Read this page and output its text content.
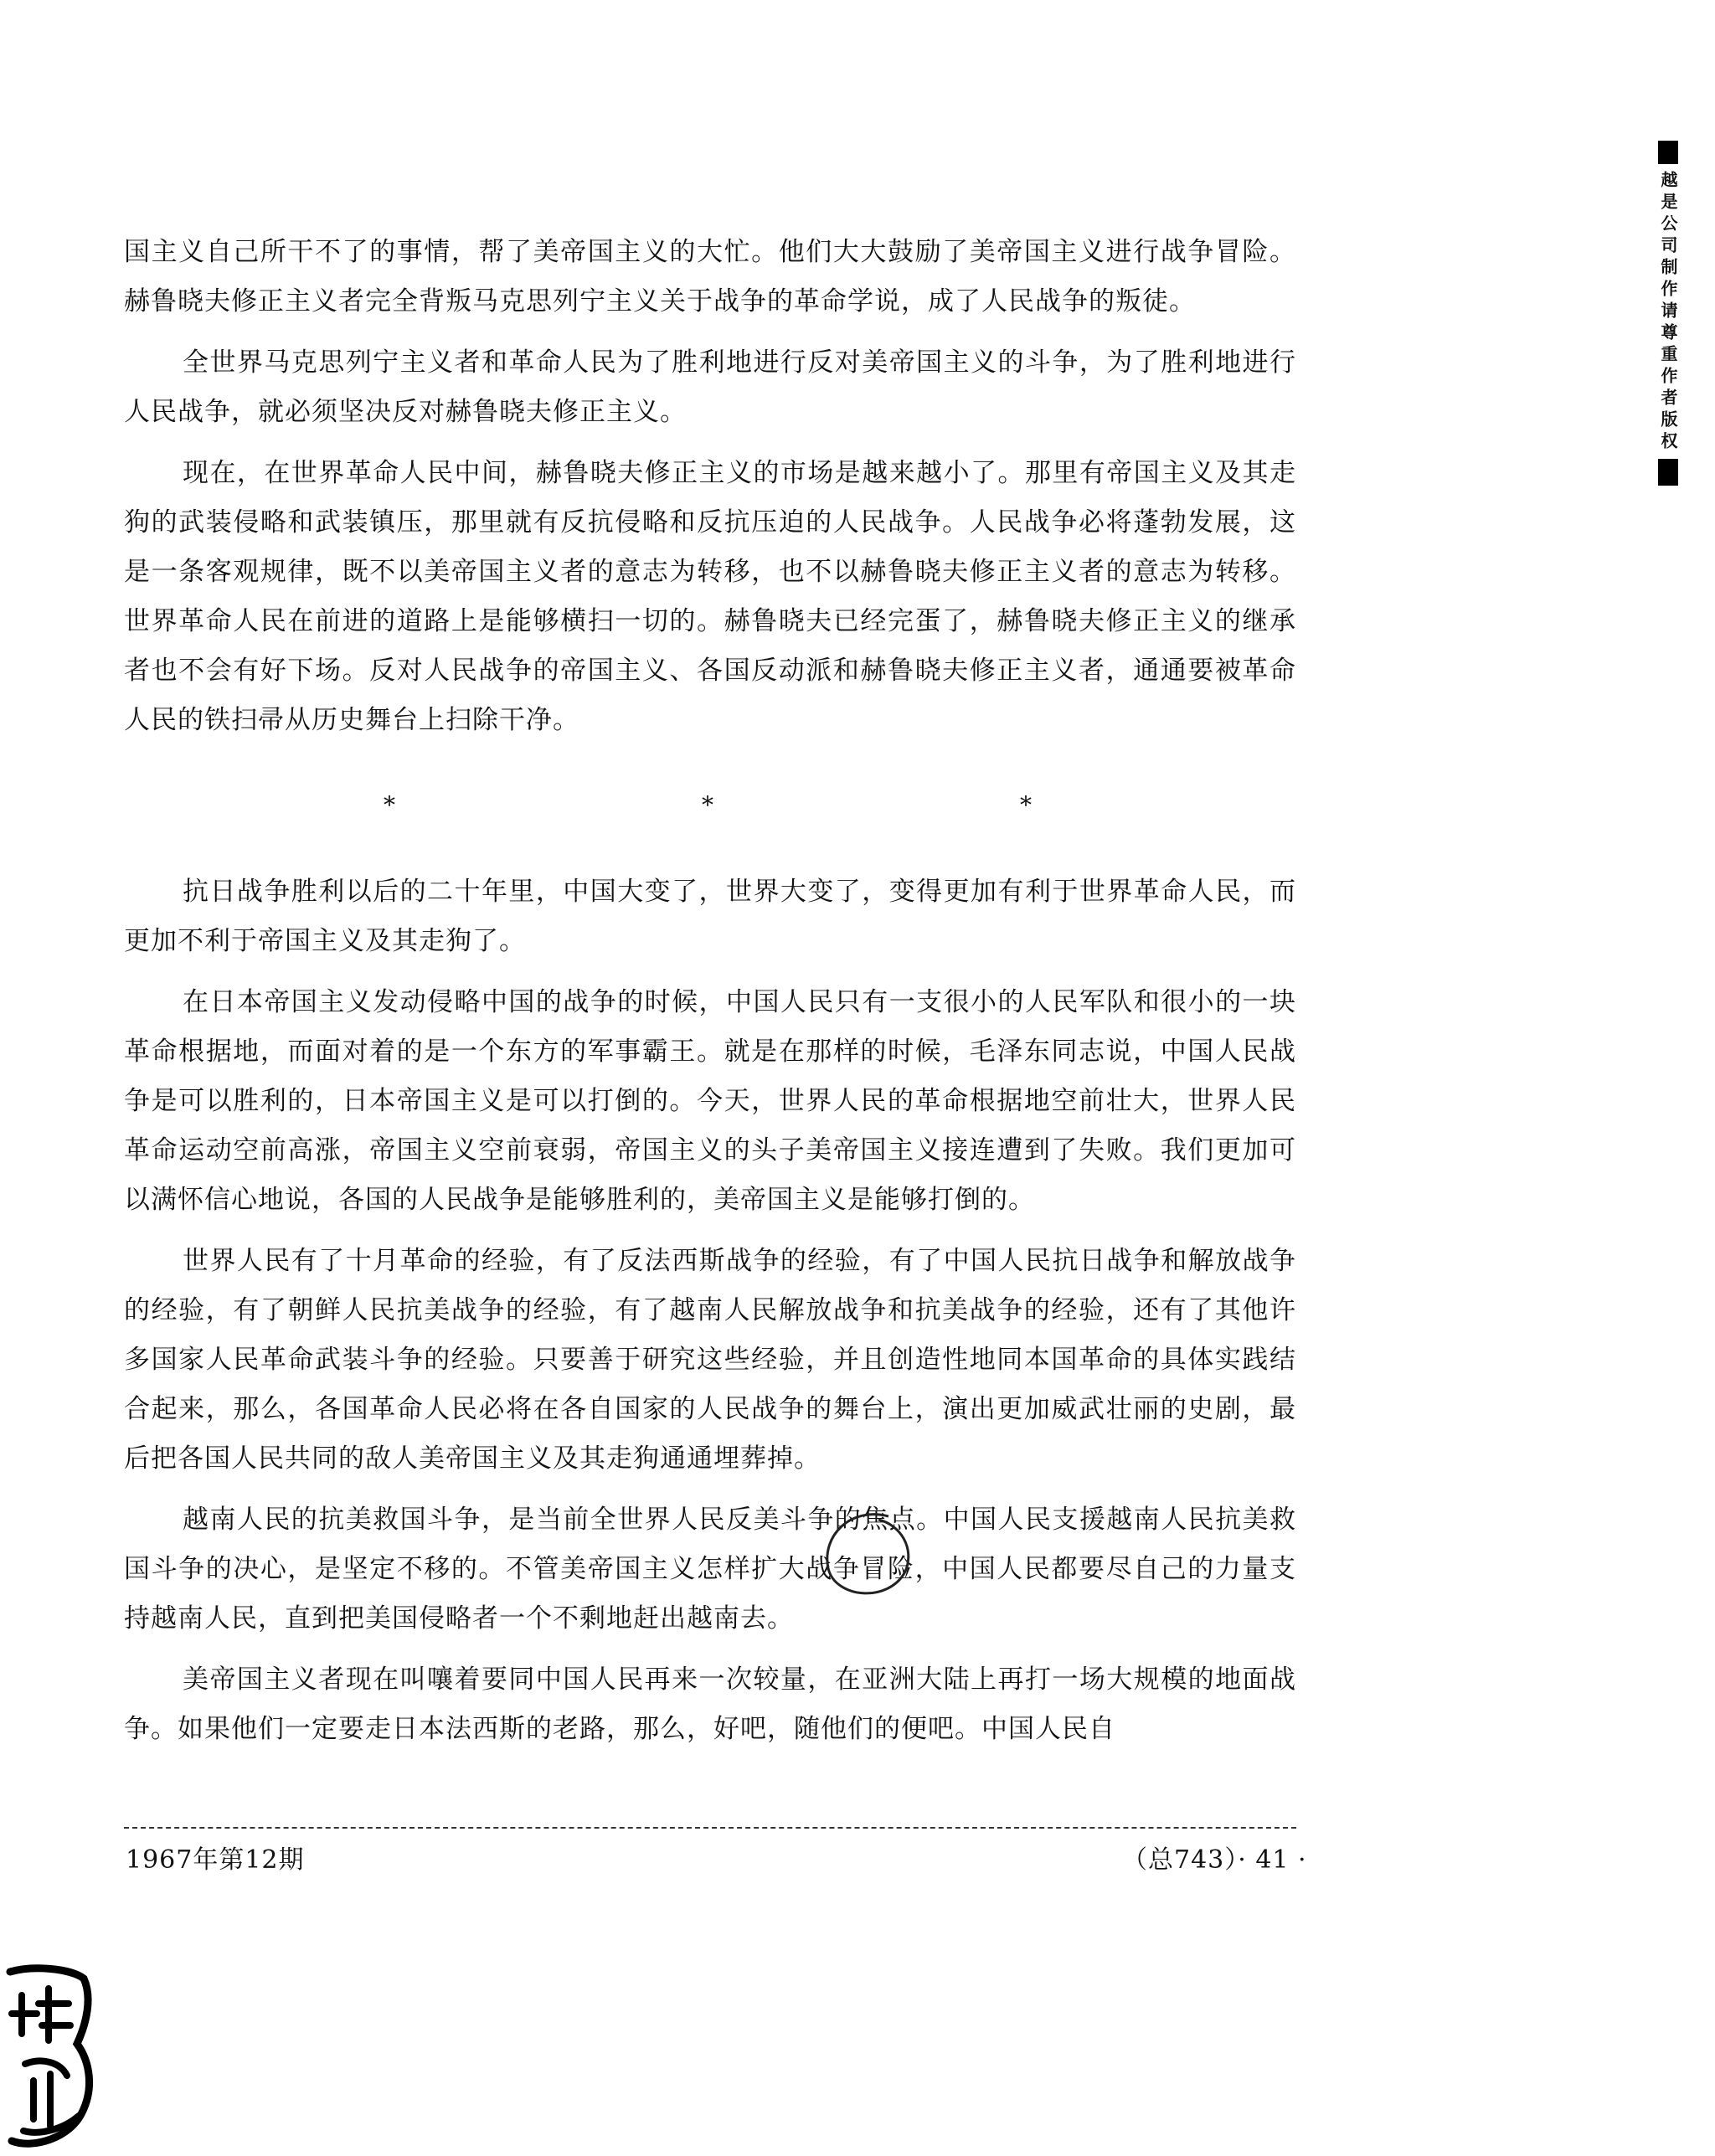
越是公司制作请尊重作者版权

国主义自己所干不了的事情，帮了美帝国主义的大忙。他们大大鼓励了美帝国主义进行战争冒险。赫鲁晓夫修正主义者完全背叛马克思列宁主义关于战争的革命学说，成了人民战争的叛徒。

全世界马克思列宁主义者和革命人民为了胜利地进行反对美帝国主义的斗争，为了胜利地进行人民战争，就必须坚决反对赫鲁晓夫修正主义。

现在，在世界革命人民中间，赫鲁晓夫修正主义的市场是越来越小了。那里有帝国主义及其走狗的武装侵略和武装镇压，那里就有反抗侵略和反抗压迫的人民战争。人民战争必将蓬勃发展，这是一条客观规律，既不以美帝国主义者的意志为转移，也不以赫鲁晓夫修正主义者的意志为转移。世界革命人民在前进的道路上是能够横扫一切的。赫鲁晓夫已经完蛋了，赫鲁晓夫修正主义的继承者也不会有好下场。反对人民战争的帝国主义、各国反动派和赫鲁晓夫修正主义者，通通要被革命人民的铁扫帚从历史舞台上扫除干净。

*	*	*

抗日战争胜利以后的二十年里，中国大变了，世界大变了，变得更加有利于世界革命人民，而更加不利于帝国主义及其走狗了。

在日本帝国主义发动侵略中国的战争的时候，中国人民只有一支很小的人民军队和很小的一块革命根据地，而面对着的是一个东方的军事霸王。就是在那样的时候，毛泽东同志说，中国人民战争是可以胜利的，日本帝国主义是可以打倒的。今天，世界人民的革命根据地空前壮大，世界人民革命运动空前高涨，帝国主义空前衰弱，帝国主义的头子美帝国主义接连遭到了失败。我们更加可以满怀信心地说，各国的人民战争是能够胜利的，美帝国主义是能够打倒的。

世界人民有了十月革命的经验，有了反法西斯战争的经验，有了中国人民抗日战争和解放战争的经验，有了朝鲜人民抗美战争的经验，有了越南人民解放战争和抗美战争的经验，还有了其他许多国家人民革命武装斗争的经验。只要善于研究这些经验，并且创造性地同本国革命的具体实践结合起来，那么，各国革命人民必将在各自国家的人民战争的舞台上，演出更加威武壮丽的史剧，最后把各国人民共同的敌人美帝国主义及其走狗通通埋葬掉。

越南人民的抗美救国斗争，是当前全世界人民反美斗争的焦点。中国人民支援越南人民抗美救国斗争的决心，是坚定不移的。不管美帝国主义怎样扩大战争冒险，中国人民都要尽自己的力量支持越南人民，直到把美国侵略者一个不剩地赶出越南去。

美帝国主义者现在叫嚷着要同中国人民再来一次较量，在亚洲大陆上再打一场大规模的地面战争。如果他们一定要走日本法西斯的老路，那么，好吧，随他们的便吧。中国人民自

1967年第12期	（总743）· 41 ·
